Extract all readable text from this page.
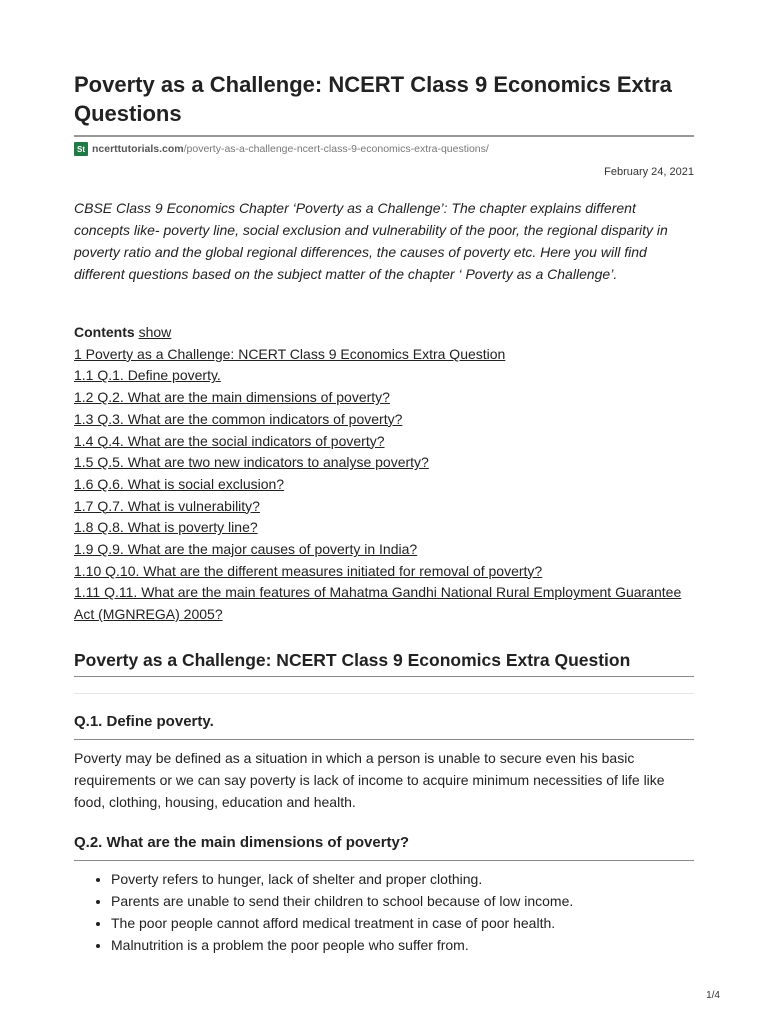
Poverty as a Challenge: NCERT Class 9 Economics Extra Questions
St ncerttutorials.com /poverty-as-a-challenge-ncert-class-9-economics-extra-questions/
February 24, 2021

CBSE Class 9 Economics Chapter ‘Poverty as a Challenge’: The chapter explains different concepts like- poverty line, social exclusion and vulnerability of the poor, the regional disparity in poverty ratio and the global regional differences, the causes of poverty etc. Here you will find different questions based on the subject matter of the chapter ‘ Poverty as a Challenge’.

Contents show
1 Poverty as a Challenge: NCERT Class 9 Economics Extra Question
1.1 Q.1. Define poverty.
1.2 Q.2. What are the main dimensions of poverty?
1.3 Q.3. What are the common indicators of poverty?
1.4 Q.4. What are the social indicators of poverty?
1.5 Q.5. What are two new indicators to analyse poverty?
1.6 Q.6. What is social exclusion?
1.7 Q.7. What is vulnerability?
1.8 Q.8. What is poverty line?
1.9 Q.9. What are the major causes of poverty in India?
1.10 Q.10. What are the different measures initiated for removal of poverty?
1.11 Q.11. What are the main features of Mahatma Gandhi National Rural Employment Guarantee Act (MGNREGA) 2005?
Poverty as a Challenge: NCERT Class 9 Economics Extra Question
Q.1. Define poverty.

Poverty may be defined as a situation in which a person is unable to secure even his basic requirements or we can say poverty is lack of income to acquire minimum necessities of life like food, clothing, housing, education and health.

Q.2. What are the main dimensions of poverty?
• Poverty refers to hunger, lack of shelter and proper clothing.
• Parents are unable to send their children to school because of low income.
• The poor people cannot afford medical treatment in case of poor health.
• Malnutrition is a problem the poor people who suffer from.
1/4
